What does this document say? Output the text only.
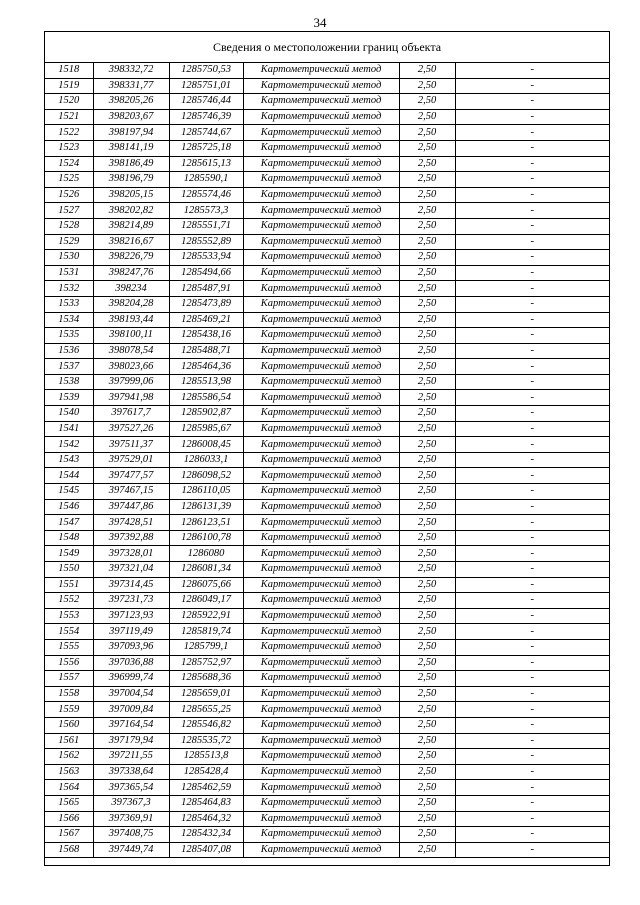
34
Сведения о местоположении границ объекта
1518	398332,72	1285750,53	Картометрический метод	2,50	-
1519	398331,77	1285751,01	Картометрический метод	2,50	-
1520	398205,26	1285746,44	Картометрический метод	2,50	-
1521	398203,67	1285746,39	Картометрический метод	2,50	-
1522	398197,94	1285744,67	Картометрический метод	2,50	-
1523	398141,19	1285725,18	Картометрический метод	2,50	-
1524	398186,49	1285615,13	Картометрический метод	2,50	-
1525	398196,79	1285590,1	Картометрический метод	2,50	-
1526	398205,15	1285574,46	Картометрический метод	2,50	-
1527	398202,82	1285573,3	Картометрический метод	2,50	-
1528	398214,89	1285551,71	Картометрический метод	2,50	-
1529	398216,67	1285552,89	Картометрический метод	2,50	-
1530	398226,79	1285533,94	Картометрический метод	2,50	-
1531	398247,76	1285494,66	Картометрический метод	2,50	-
1532	398234	1285487,91	Картометрический метод	2,50	-
1533	398204,28	1285473,89	Картометрический метод	2,50	-
1534	398193,44	1285469,21	Картометрический метод	2,50	-
1535	398100,11	1285438,16	Картометрический метод	2,50	-
1536	398078,54	1285488,71	Картометрический метод	2,50	-
1537	398023,66	1285464,36	Картометрический метод	2,50	-
1538	397999,06	1285513,98	Картометрический метод	2,50	-
1539	397941,98	1285586,54	Картометрический метод	2,50	-
1540	397617,7	1285902,87	Картометрический метод	2,50	-
1541	397527,26	1285985,67	Картометрический метод	2,50	-
1542	397511,37	1286008,45	Картометрический метод	2,50	-
1543	397529,01	1286033,1	Картометрический метод	2,50	-
1544	397477,57	1286098,52	Картометрический метод	2,50	-
1545	397467,15	1286110,05	Картометрический метод	2,50	-
1546	397447,86	1286131,39	Картометрический метод	2,50	-
1547	397428,51	1286123,51	Картометрический метод	2,50	-
1548	397392,88	1286100,78	Картометрический метод	2,50	-
1549	397328,01	1286080	Картометрический метод	2,50	-
1550	397321,04	1286081,34	Картометрический метод	2,50	-
1551	397314,45	1286075,66	Картометрический метод	2,50	-
1552	397231,73	1286049,17	Картометрический метод	2,50	-
1553	397123,93	1285922,91	Картометрический метод	2,50	-
1554	397119,49	1285819,74	Картометрический метод	2,50	-
1555	397093,96	1285799,1	Картометрический метод	2,50	-
1556	397036,88	1285752,97	Картометрический метод	2,50	-
1557	396999,74	1285688,36	Картометрический метод	2,50	-
1558	397004,54	1285659,01	Картометрический метод	2,50	-
1559	397009,84	1285655,25	Картометрический метод	2,50	-
1560	397164,54	1285546,82	Картометрический метод	2,50	-
1561	397179,94	1285535,72	Картометрический метод	2,50	-
1562	397211,55	1285513,8	Картометрический метод	2,50	-
1563	397338,64	1285428,4	Картометрический метод	2,50	-
1564	397365,54	1285462,59	Картометрический метод	2,50	-
1565	397367,3	1285464,83	Картометрический метод	2,50	-
1566	397369,91	1285464,32	Картометрический метод	2,50	-
1567	397408,75	1285432,34	Картометрический метод	2,50	-
1568	397449,74	1285407,08	Картометрический метод	2,50	-
